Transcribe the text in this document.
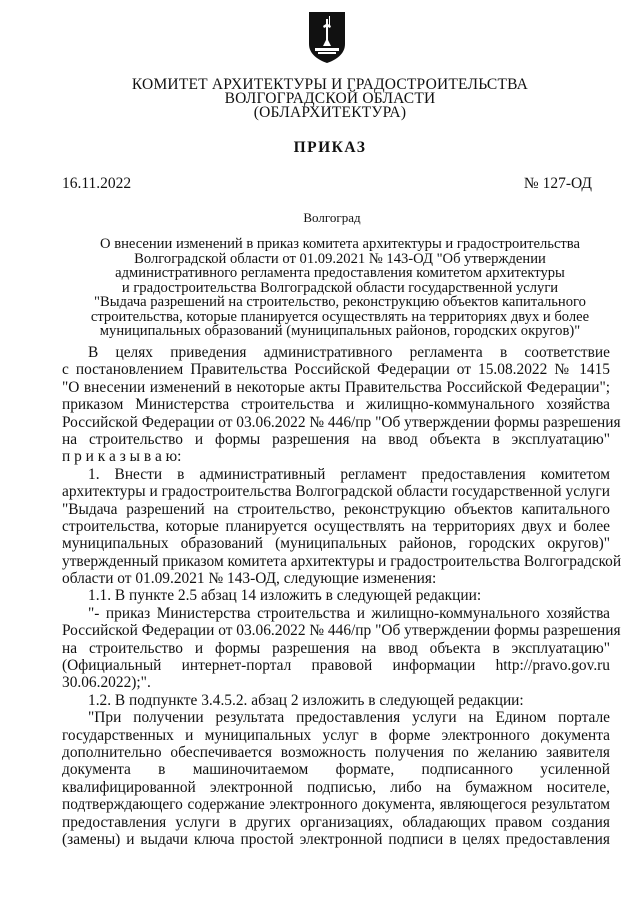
КОМИТЕТ АРХИТЕКТУРЫ И ГРАДОСТРОИТЕЛЬСТВА
ВОЛГОГРАДСКОЙ ОБЛАСТИ
(ОБЛАРХИТЕКТУРА)
ПРИКАЗ
16.11.2022	№ 127-ОД
Волгоград
О внесении изменений в приказ комитета архитектуры и градостроительства
Волгоградской области от 01.09.2021 № 143-ОД "Об утверждении
административного регламента предоставления комитетом архитектуры
и градостроительства Волгоградской области государственной услуги
"Выдача разрешений на строительство, реконструкцию объектов капитального
строительства, которые планируется осуществлять на территориях двух и более
муниципальных образований (муниципальных районов, городских округов)"
В целях приведения административного регламента в соответствие
с постановлением Правительства Российской Федерации от 15.08.2022 № 1415
"О внесении изменений в некоторые акты Правительства Российской Федерации";
приказом Министерства строительства и жилищно-коммунального хозяйства
Российской Федерации от 03.06.2022 № 446/пр "Об утверждении формы разрешения
на строительство и формы разрешения на ввод объекта в эксплуатацию"
п р и к а з ы в а ю:
1. Внести в административный регламент предоставления комитетом
архитектуры и градостроительства Волгоградской области государственной услуги
"Выдача разрешений на строительство, реконструкцию объектов капитального
строительства, которые планируется осуществлять на территориях двух и более
муниципальных образований (муниципальных районов, городских округов)"
утвержденный приказом комитета архитектуры и градостроительства Волгоградской
области от 01.09.2021 № 143-ОД, следующие изменения:
1.1. В пункте 2.5 абзац 14 изложить в следующей редакции:
"- приказ Министерства строительства и жилищно-коммунального хозяйства
Российской Федерации от 03.06.2022 № 446/пр "Об утверждении формы разрешения
на строительство и формы разрешения на ввод объекта в эксплуатацию"
(Официальный интернет-портал правовой информации http://pravo.gov.ru
30.06.2022);".
1.2. В подпункте 3.4.5.2. абзац 2 изложить в следующей редакции:
"При получении результата предоставления услуги на Едином портале
государственных и муниципальных услуг в форме электронного документа
дополнительно обеспечивается возможность получения по желанию заявителя
документа в машиночитаемом формате, подписанного усиленной
квалифицированной электронной подписью, либо на бумажном носителе,
подтверждающего содержание электронного документа, являющегося результатом
предоставления услуги в других организациях, обладающих правом создания
(замены) и выдачи ключа простой электронной подписи в целях предоставления
